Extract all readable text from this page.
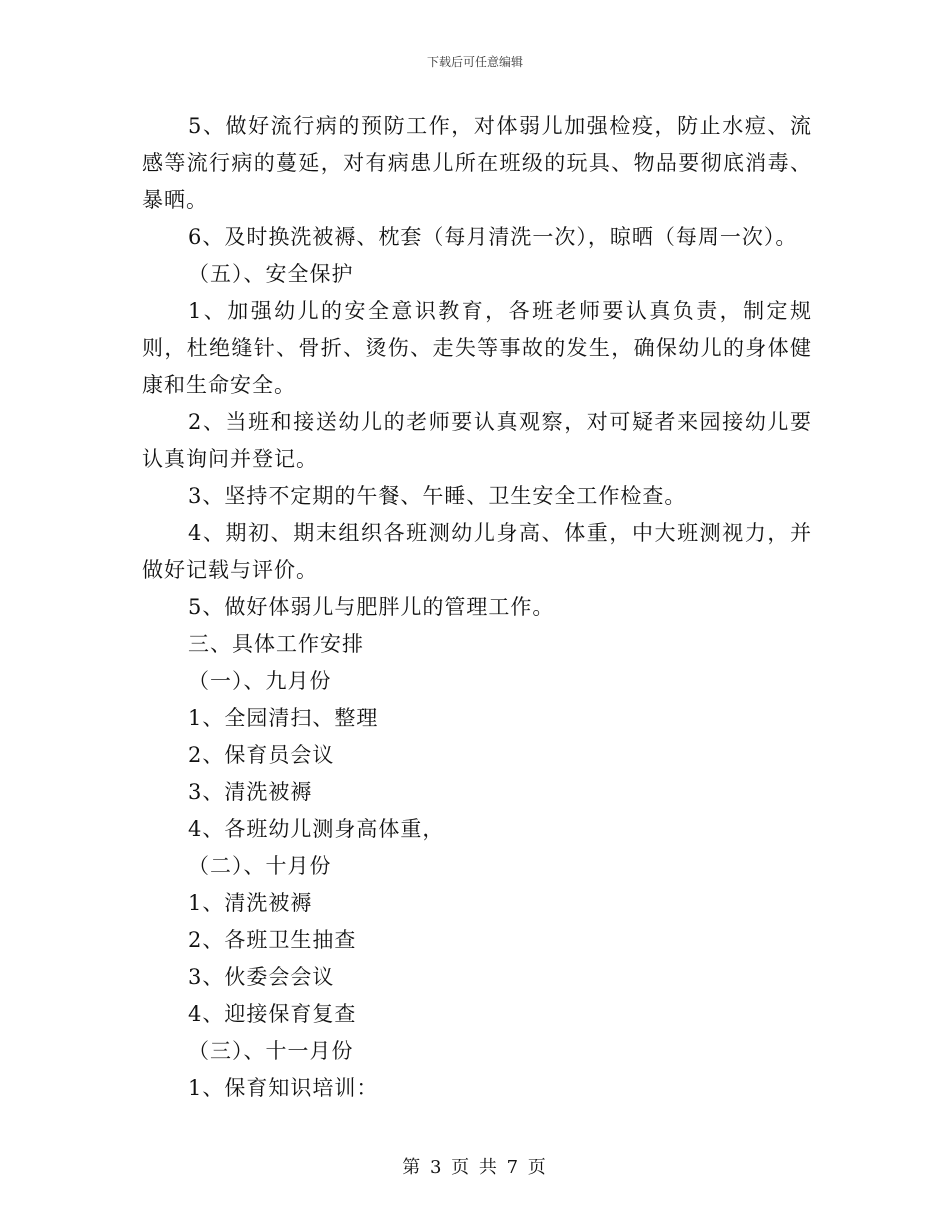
下载后可任意编辑

5、做好流行病的预防工作，对体弱儿加强检疫，防止水痘、流感等流行病的蔓延，对有病患儿所在班级的玩具、物品要彻底消毒、暴晒。

6、及时换洗被褥、枕套（每月清洗一次），晾晒（每周一次）。

（五）、安全保护

1、加强幼儿的安全意识教育，各班老师要认真负责，制定规则，杜绝缝针、骨折、烫伤、走失等事故的发生，确保幼儿的身体健康和生命安全。

2、当班和接送幼儿的老师要认真观察，对可疑者来园接幼儿要认真询问并登记。

3、坚持不定期的午餐、午睡、卫生安全工作检查。

4、期初、期末组织各班测幼儿身高、体重，中大班测视力，并做好记载与评价。

5、做好体弱儿与肥胖儿的管理工作。

三、具体工作安排

（一）、九月份

1、全园清扫、整理

2、保育员会议

3、清洗被褥

4、各班幼儿测身高体重，

（二）、十月份

1、清洗被褥

2、各班卫生抽查

3、伙委会会议

4、迎接保育复查

（三）、十一月份

1、保育知识培训：

第 3 页 共 7 页
